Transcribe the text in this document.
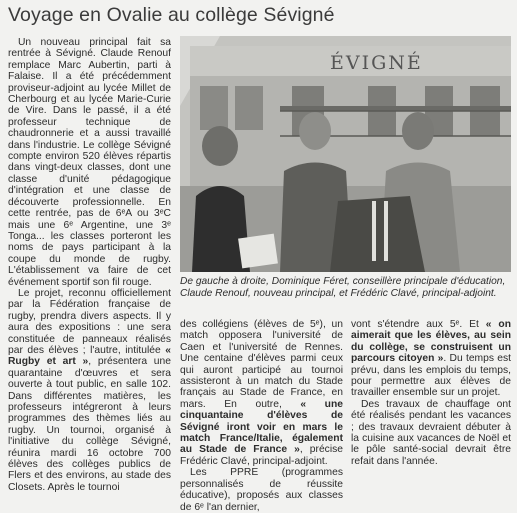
Voyage en Ovalie au collège Sévigné

Un nouveau principal fait sa rentrée à Sévigné. Claude Renouf remplace Marc Aubertin, parti à Falaise. Il a été précédemment proviseur-adjoint au lycée Millet de Cherbourg et au lycée Marie-Curie de Vire. Dans le passé, il a été professeur technique de chaudronnerie et a aussi travaillé dans l'industrie. Le collège Sévigné compte environ 520 élèves répartis dans vingt-deux classes, dont une classe d'unité pédagogique d'intégration et une classe de découverte professionnelle. En cette rentrée, pas de 6ᵉA ou 3ᵉC mais une 6ᵉ Argentine, une 3ᵉ Tonga... les classes porteront les noms de pays participant à la coupe du monde de rugby. L'établissement va faire de cet événement sportif son fil rouge.

Le projet, reconnu officiellement par la Fédération française de rugby, prendra divers aspects. Il y aura des expositions : une sera constituée de panneaux réalisés par des élèves ; l'autre, intitulée « Rugby et art », présentera une quarantaine d'œuvres et sera ouverte à tout public, en salle 102. Dans différentes matières, les professeurs intégreront à leurs programmes des thèmes liés au rugby. Un tournoi, organisé à l'initiative du collège Sévigné, réunira mardi 16 octobre 700 élèves des collèges publics de Flers et des environs, au stade des Closets. Après le tournoi

ÉVIGNÉ
De gauche à droite, Dominique Féret, conseillère principale d'éducation, Claude Renouf, nouveau principal, et Frédéric Clavé, principal-adjoint.

des collégiens (élèves de 5ᵉ), un match opposera l'université de Caen et l'université de Rennes. Une centaine d'élèves parmi ceux qui auront participé au tournoi assisteront à un match du Stade français au Stade de France, en mars. En outre, « une cinquantaine d'élèves de Sévigné iront voir en mars le match France/Italie, également au Stade de France », précise Frédéric Clavé, principal-adjoint.

Les PPRE (programmes personnalisés de réussite éducative), proposés aux classes de 6ᵉ l'an dernier,

vont s'étendre aux 5ᵉ. Et « on aimerait que les élèves, au sein du collège, se construisent un parcours citoyen ». Du temps est prévu, dans les emplois du temps, pour permettre aux élèves de travailler ensemble sur un projet.

Des travaux de chauffage ont été réalisés pendant les vacances ; des travaux devraient débuter à la cuisine aux vacances de Noël et le pôle santé-social devrait être refait dans l'année.
